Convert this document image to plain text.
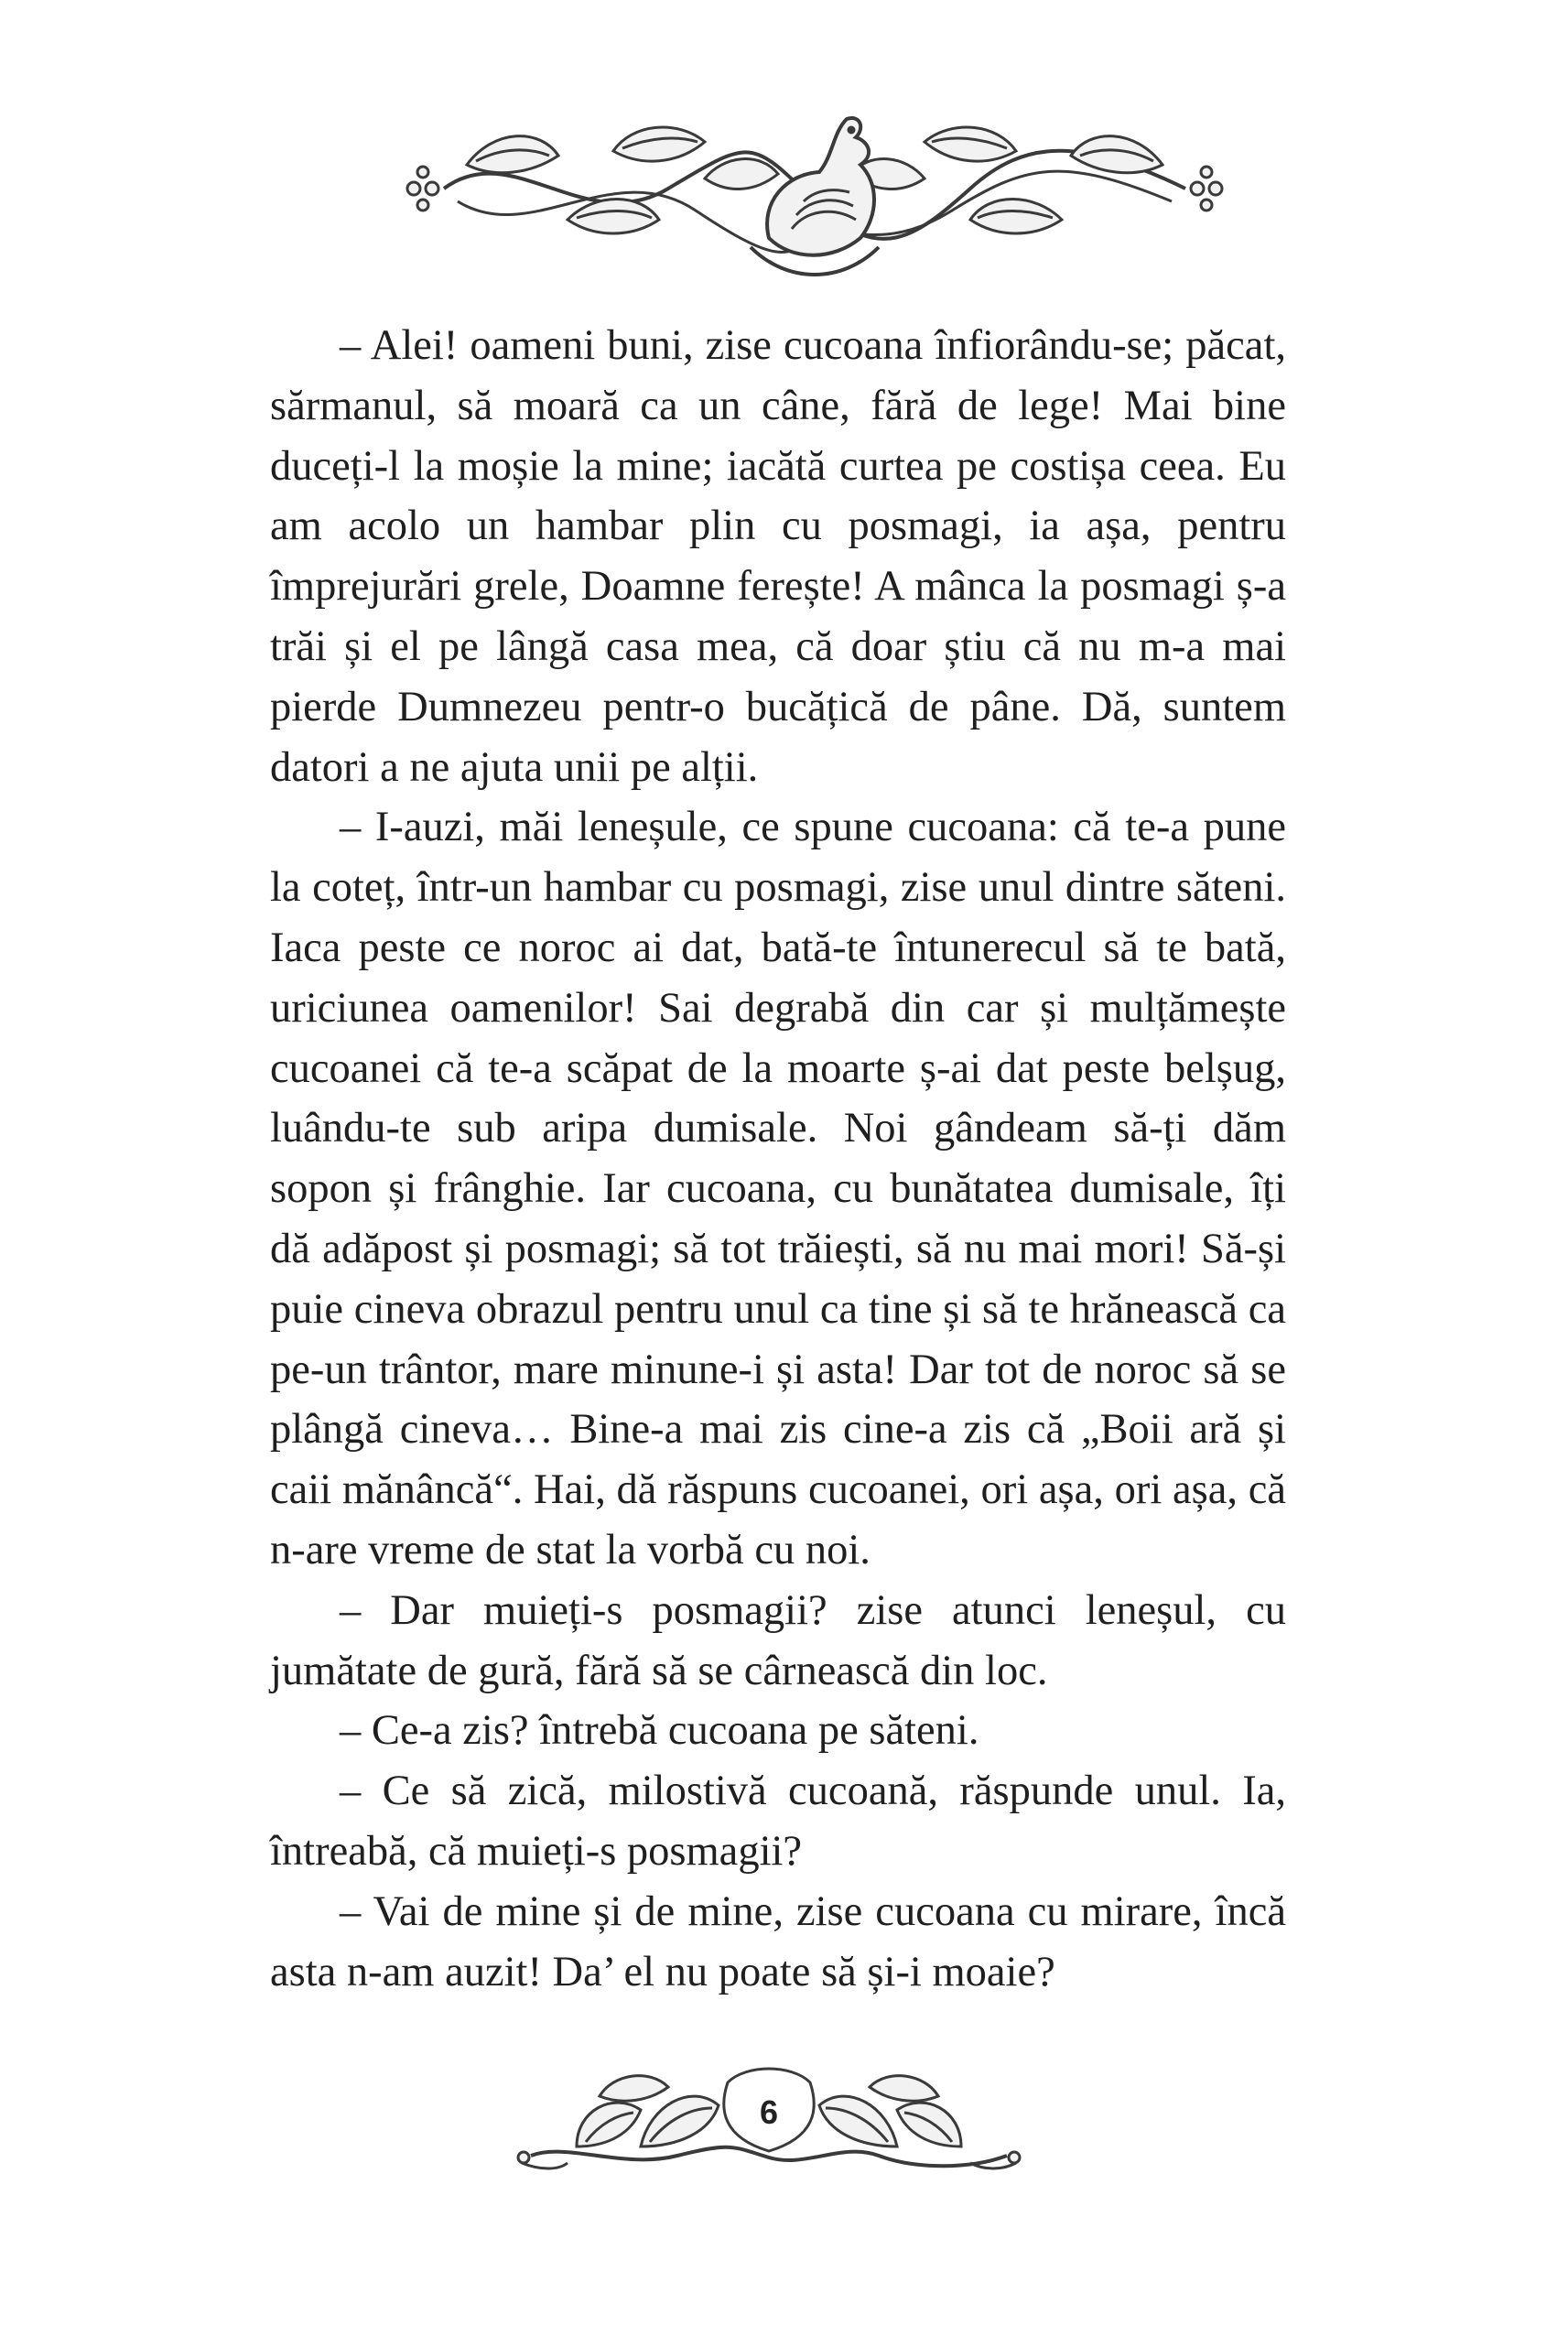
– Alei! oameni buni, zise cucoana înfiorându-se; păcat, sărmanul, să moară ca un câne, fără de lege! Mai bine duceți-l la moșie la mine; iacătă curtea pe costișa ceea. Eu am acolo un hambar plin cu posmagi, ia așa, pentru împrejurări grele, Doamne ferește! A mânca la posmagi ș-a trăi și el pe lângă casa mea, că doar știu că nu m-a mai pierde Dumnezeu pentr-o bucățică de pâne. Dă, suntem datori a ne ajuta unii pe alții.

– I-auzi, măi leneșule, ce spune cucoana: că te-a pune la coteț, într-un hambar cu posmagi, zise unul dintre săteni. Iaca peste ce noroc ai dat, bată-te întunerecul să te bată, uriciunea oamenilor! Sai degrabă din car și mulțămește cucoanei că te-a scăpat de la moarte ș-ai dat peste belșug, luându-te sub aripa dumisale. Noi gândeam să-ți dăm sopon și frânghie. Iar cucoana, cu bunătatea dumisale, îți dă adăpost și posmagi; să tot trăiești, să nu mai mori! Să-și puie cineva obrazul pentru unul ca tine și să te hrănească ca pe-un trântor, mare minune-i și asta! Dar tot de noroc să se plângă cineva… Bine-a mai zis cine-a zis că „Boii ară și caii mănâncă“. Hai, dă răspuns cucoanei, ori așa, ori așa, că n-are vreme de stat la vorbă cu noi.

– Dar muieți-s posmagii? zise atunci leneșul, cu jumătate de gură, fără să se cârnească din loc.

– Ce-a zis? întrebă cucoana pe săteni.

– Ce să zică, milostivă cucoană, răspunde unul. Ia, întreabă, că muieți-s posmagii?

– Vai de mine și de mine, zise cucoana cu mirare, încă asta n-am auzit! Da’ el nu poate să și-i moaie?

6
